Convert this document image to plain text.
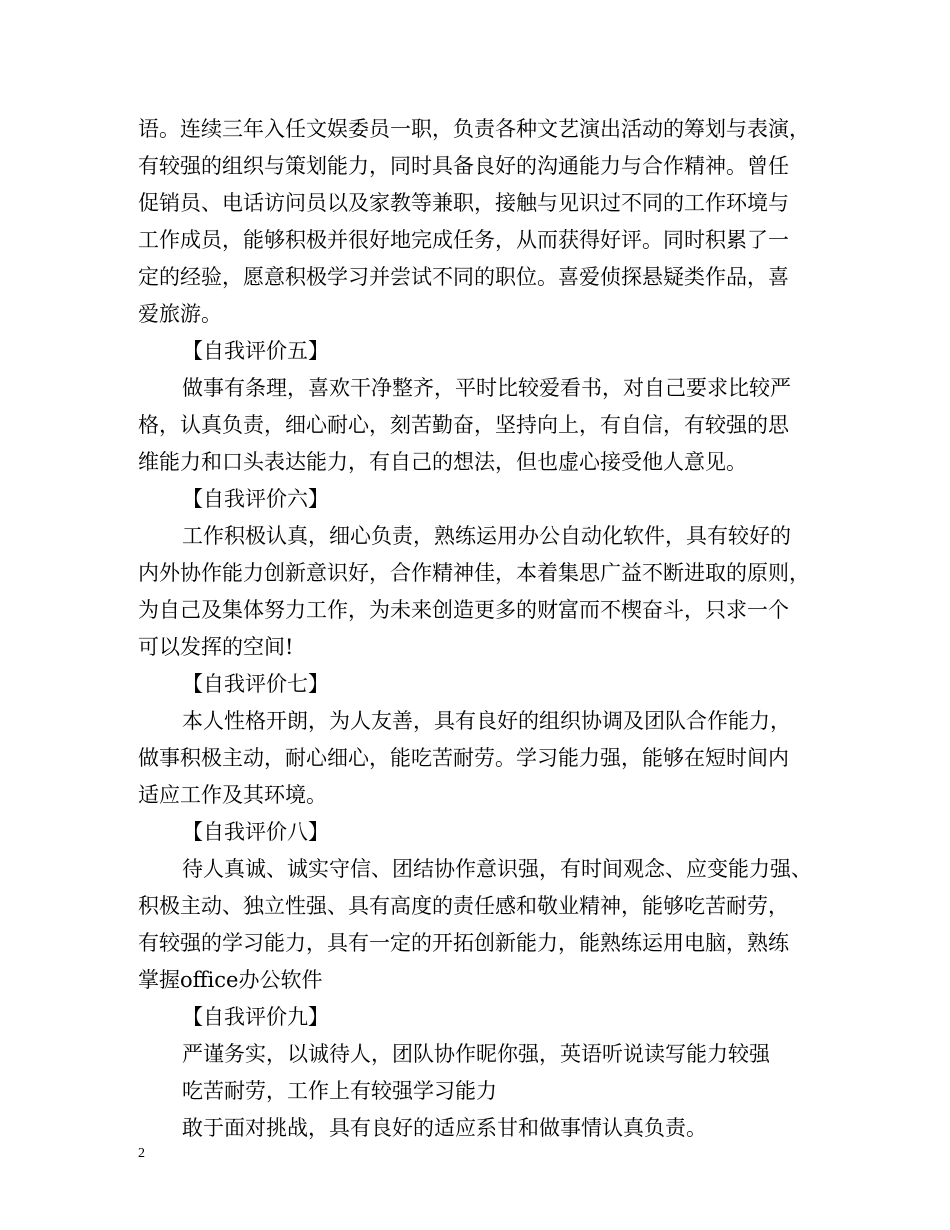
语。连续三年入任文娱委员一职，负责各种文艺演出活动的筹划与表演，
有较强的组织与策划能力，同时具备良好的沟通能力与合作精神。曾任
促销员、电话访问员以及家教等兼职，接触与见识过不同的工作环境与
工作成员，能够积极并很好地完成任务，从而获得好评。同时积累了一
定的经验，愿意积极学习并尝试不同的职位。喜爱侦探悬疑类作品，喜
爱旅游。
【自我评价五】
做事有条理，喜欢干净整齐，平时比较爱看书，对自己要求比较严
格，认真负责，细心耐心，刻苦勤奋，坚持向上，有自信，有较强的思
维能力和口头表达能力，有自己的想法，但也虚心接受他人意见。
【自我评价六】
工作积极认真，细心负责，熟练运用办公自动化软件，具有较好的
内外协作能力创新意识好，合作精神佳，本着集思广益不断进取的原则，
为自己及集体努力工作，为未来创造更多的财富而不楔奋斗，只求一个
可以发挥的空间!
【自我评价七】
本人性格开朗，为人友善，具有良好的组织协调及团队合作能力，
做事积极主动，耐心细心，能吃苦耐劳。学习能力强，能够在短时间内
适应工作及其环境。
【自我评价八】
待人真诚、诚实守信、团结协作意识强，有时间观念、应变能力强、
积极主动、独立性强、具有高度的责任感和敬业精神，能够吃苦耐劳，
有较强的学习能力，具有一定的开拓创新能力，能熟练运用电脑，熟练
掌握office办公软件
【自我评价九】
严谨务实，以诚待人，团队协作昵你强，英语听说读写能力较强
吃苦耐劳，工作上有较强学习能力
敢于面对挑战，具有良好的适应系甘和做事情认真负责。
2
